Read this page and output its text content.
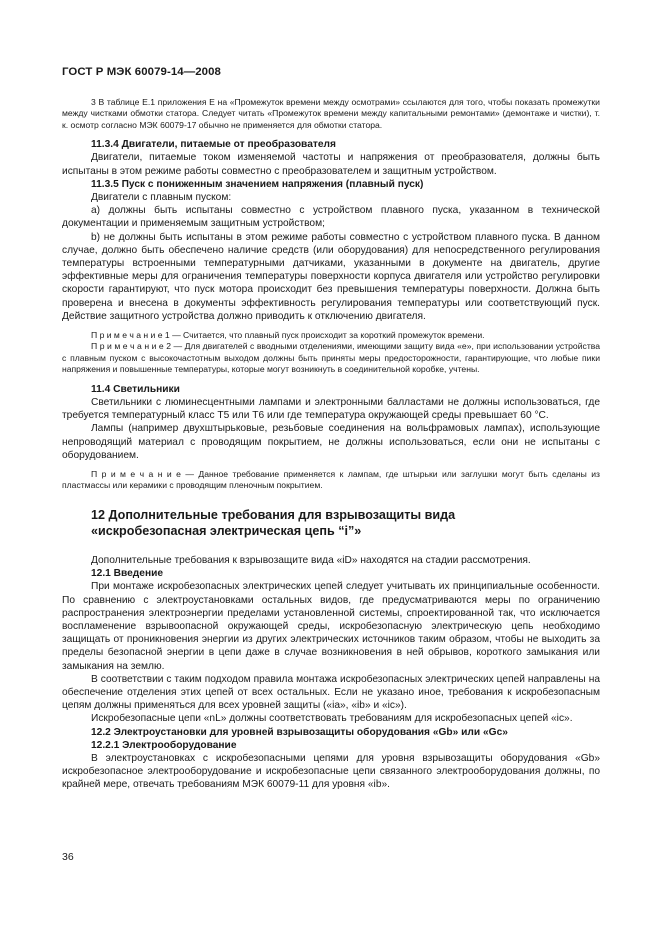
ГОСТ Р МЭК 60079-14—2008

3 В таблице Е.1 приложения Е на «Промежуток времени между осмотрами» ссылаются для тогo, чтобы показать промежутки между чистками обмотки статора. Следует читать «Промежуток времени между капитальными ремонтами» (демонтаже и чистки), т. к. осмотр согласно МЭК 60079-17 обычно не применяется для обмотки статора.

11.3.4 Двигатели, питаемые от преобразователя

Двигатели, питаемые током изменяемой частоты и напряжения от преобразователя, должны быть испытаны в этом режиме работы совместно с преобразователем и защитным устройством.

11.3.5 Пуск с пониженным значением напряжения (плавный пуск)

Двигатели с плавным пуском:

a) должны быть испытаны совместно с устройством плавного пуска, указанном в технической документации и применяемым защитным устройством;

b) не должны быть испытаны в этом режиме работы совместно с устройством плавного пуска. В данном случае, должно быть обеспечено наличие средств (или оборудования) для непосредственного регулирования температуры встроенными температурными датчиками, указанными в документе на двигатель, другие эффективные меры для ограничения температуры поверхности корпуса двигателя или устройство регулировки скорости гарантируют, что пуск мотора происходит без превышения температуры поверхности. Должна быть проверена и внесена в документы эффективность регулирования температуры или соответствующий пуск. Действие защитного устройства должно приводить к отключению двигателя.

П р и м е ч а н и е 1 — Считается, что плавный пуск происходит за короткий промежуток времени.

П р и м е ч а н и е 2 — Для двигателей с вводными отделениями, имеющими защиту вида «е», при использовании устройства с плавным пуском с высокочастотным выходом должны быть приняты меры предосторожности, гарантирующие, что любые пики напряжения и повышенные температуры, которые могут возникнуть в соединительной коробке, учтены.

11.4 Светильники

Светильники с люминесцентными лампами и электронными балластами не должны использоваться, где требуется температурный класс Т5 или Т6 или где температура окружающей среды превышает 60 °С.

Лампы (например двухштырьковые, резьбовые соединения на вольфрамовых лампах), использующие непроводящий материал с проводящим покрытием, не должны использоваться, если они не испытаны с оборудованием.

П р и м е ч а н и е — Данное требование применяется к лампам, где штырьки или заглушки могут быть сделаны из пластмассы или керамики с проводящим пленочным покрытием.

12 Дополнительные требования для взрывозащиты вида
«искробезопасная электрическая цепь “i”»

Дополнительные требования к взрывозащите вида «iD» находятся на стадии рассмотрения.

12.1 Введение

При монтаже искробезопасных электрических цепей следует учитывать их принципиальные особенности. По сравнению с электроустановками остальных видов, где предусматриваются меры по ограничению распространения электроэнергии пределами установленной системы, спроектированной так, что исключается воспламенение взрывоопасной окружающей среды, искробезопасную электрическую цепь необходимо защищать от проникновения энергии из других электрических источников таким образом, чтобы не выходить за пределы безопасной энергии в цепи даже в случае возникновения в ней обрывов, короткого замыкания или замыкания на землю.

В соответствии с таким подходом правила монтажа искробезопасных электрических цепей направлены на обеспечение отделения этих цепей от всех остальных. Если не указано иное, требования к искробезопасным цепям должны применяться для всех уровней защиты («ia», «ib» и «ic»).

Искробезопасные цепи «nL» должны соответствовать требованиям для искробезопасных цепей «ic».

12.2 Электроустановки для уровней взрывозащиты оборудования «Gb» или «Gc»

12.2.1 Электрооборудование

В электроустановках с искробезопасными цепями для уровня взрывозащиты оборудования «Gb» искробезопасное электрооборудование и искробезопасные цепи связанного электрооборудования должны, по крайней мере, отвечать требованиям МЭК 60079-11 для уровня «ib».

36
